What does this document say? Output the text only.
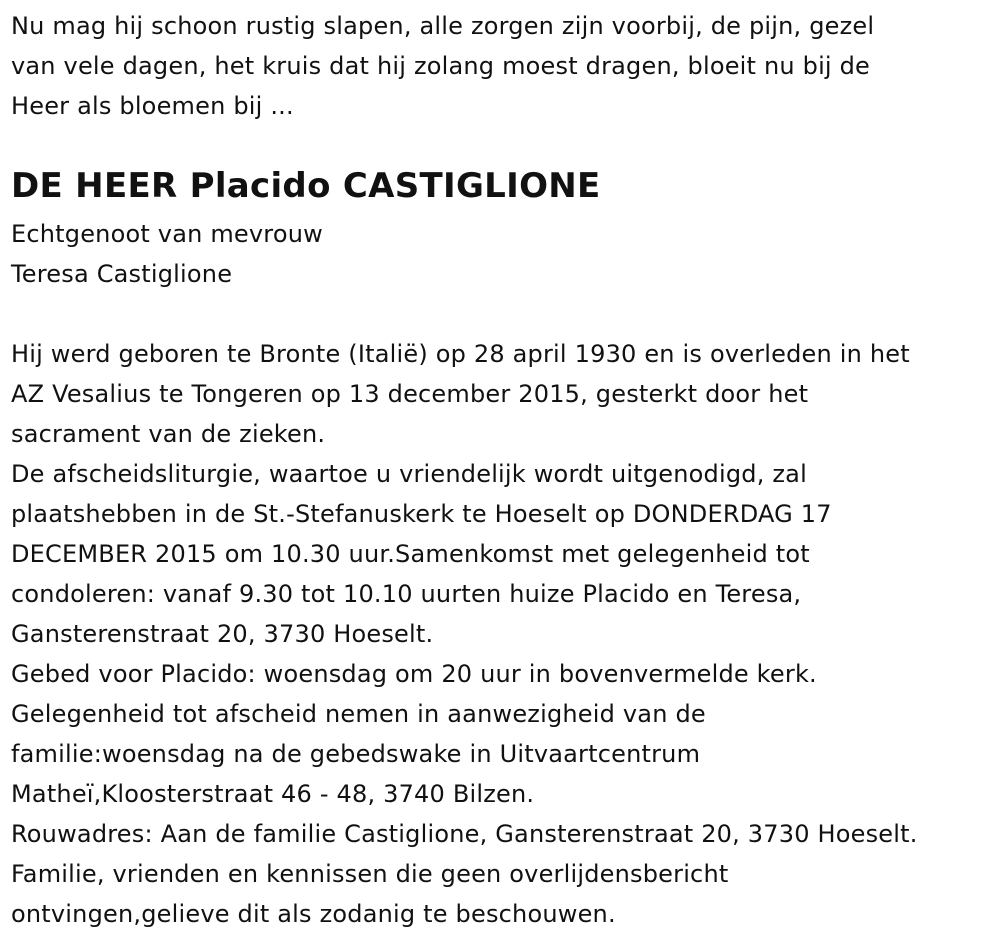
Nu mag hij schoon rustig slapen, alle zorgen zijn voorbij, de pijn, gezel
van vele dagen, het kruis dat hij zolang moest dragen, bloeit nu bij de
Heer als bloemen bij ...
DE HEER Placido CASTIGLIONE
Echtgenoot van mevrouw
Teresa Castiglione
Hij werd geboren te Bronte (Italië) op 28 april 1930 en is overleden in het
AZ Vesalius te Tongeren op 13 december 2015, gesterkt door het
sacrament van de zieken.
De afscheidsliturgie, waartoe u vriendelijk wordt uitgenodigd, zal
plaatshebben in de St.-Stefanuskerk te Hoeselt op DONDERDAG 17
DECEMBER 2015 om 10.30 uur.Samenkomst met gelegenheid tot
condoleren: vanaf 9.30 tot 10.10 uurten huize Placido en Teresa,
Gansterenstraat 20, 3730 Hoeselt.
Gebed voor Placido: woensdag om 20 uur in bovenvermelde kerk.
Gelegenheid tot afscheid nemen in aanwezigheid van de
familie:woensdag na de gebedswake in Uitvaartcentrum
Matheï,Kloosterstraat 46 - 48, 3740 Bilzen.
Rouwadres: Aan de familie Castiglione, Gansterenstraat 20, 3730 Hoeselt.
Familie, vrienden en kennissen die geen overlijdensbericht
ontvingen,gelieve dit als zodanig te beschouwen.
